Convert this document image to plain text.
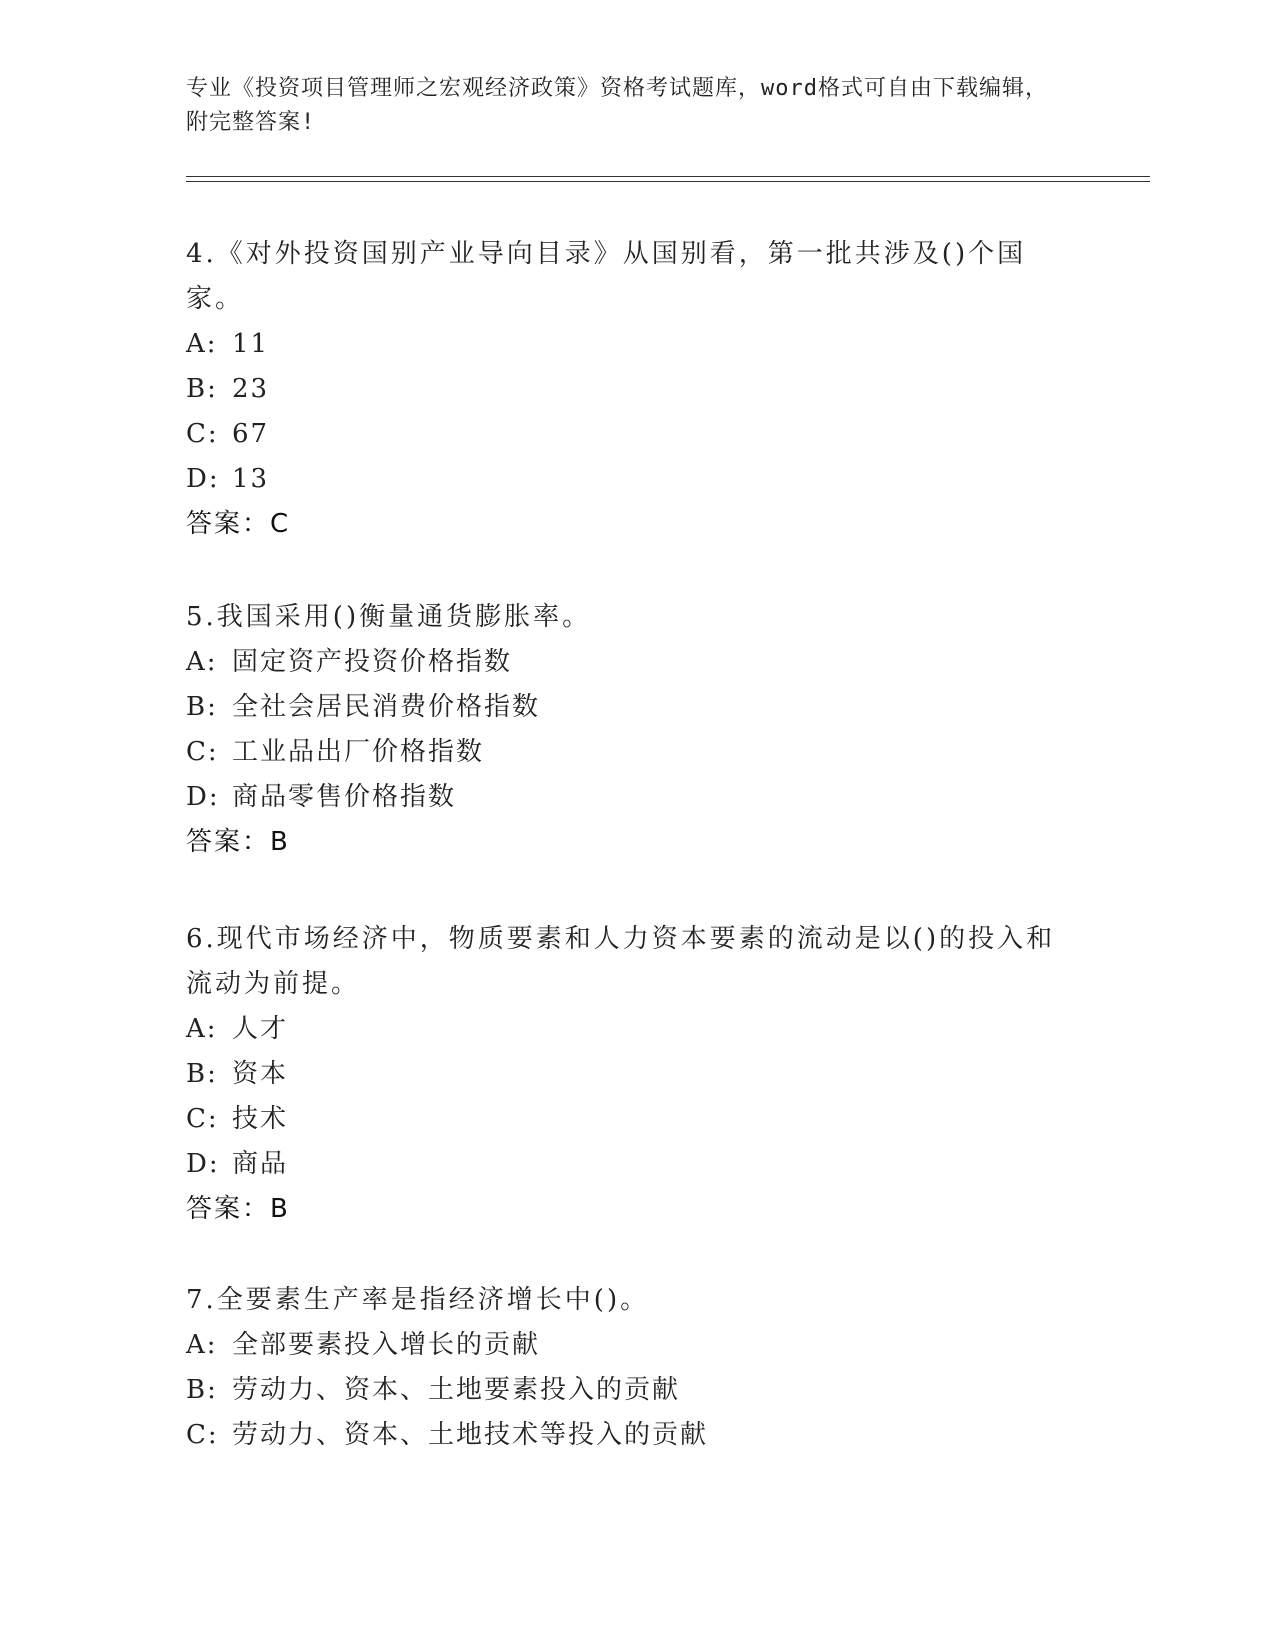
专业《投资项目管理师之宏观经济政策》资格考试题库，word格式可自由下载编辑，附完整答案!

4.《对外投资国别产业导向目录》从国别看，第一批共涉及()个国家。

A: 11

B: 23

C: 67

D: 13

答案：C

5.我国采用()衡量通货膨胀率。

A: 固定资产投资价格指数

B: 全社会居民消费价格指数

C: 工业品出厂价格指数

D: 商品零售价格指数

答案：B

6.现代市场经济中，物质要素和人力资本要素的流动是以()的投入和流动为前提。

A: 人才

B: 资本

C: 技术

D: 商品

答案：B

7.全要素生产率是指经济增长中()。

A: 全部要素投入增长的贡献

B: 劳动力、资本、土地要素投入的贡献

C: 劳动力、资本、土地技术等投入的贡献
